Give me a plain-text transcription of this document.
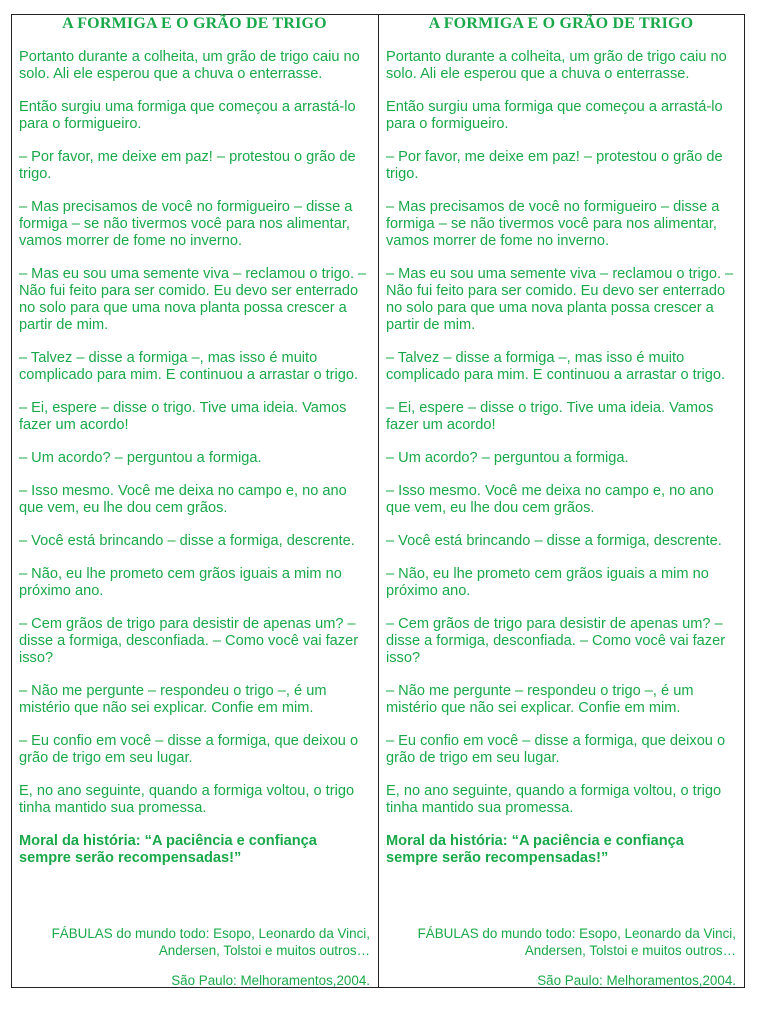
A FORMIGA E O GRÃO DE TRIGO

Portanto durante a colheita, um grão de trigo caiu no solo. Ali ele esperou que a chuva o enterrasse.

Então surgiu uma formiga que começou a arrastá-lo para o formigueiro.

– Por favor, me deixe em paz! – protestou o grão de trigo.

– Mas precisamos de você no formigueiro – disse a formiga – se não tivermos você para nos alimentar, vamos morrer de fome no inverno.

– Mas eu sou uma semente viva – reclamou o trigo. – Não fui feito para ser comido. Eu devo ser enterrado no solo para que uma nova planta possa crescer a partir de mim.

– Talvez – disse a formiga –, mas isso é muito complicado para mim. E continuou a arrastar o trigo.

– Ei, espere – disse o trigo. Tive uma ideia. Vamos fazer um acordo!

– Um acordo? – perguntou a formiga.

– Isso mesmo. Você me deixa no campo e, no ano que vem, eu lhe dou cem grãos.

– Você está brincando – disse a formiga, descrente.

– Não, eu lhe prometo cem grãos iguais a mim no próximo ano.

– Cem grãos de trigo para desistir de apenas um? – disse a formiga, desconfiada. – Como você vai fazer isso?

– Não me pergunte – respondeu o trigo –, é um mistério que não sei explicar. Confie em mim.

– Eu confio em você – disse a formiga, que deixou o grão de trigo em seu lugar.

E, no ano seguinte, quando a formiga voltou, o trigo tinha mantido sua promessa.

Moral da história: “A paciência e confiança sempre serão recompensadas!”

FÁBULAS do mundo todo: Esopo, Leonardo da Vinci, Andersen, Tolstoi e muitos outros…
São Paulo: Melhoramentos,2004.
A FORMIGA E O GRÃO DE TRIGO

Portanto durante a colheita, um grão de trigo caiu no solo. Ali ele esperou que a chuva o enterrasse.

Então surgiu uma formiga que começou a arrastá-lo para o formigueiro.

– Por favor, me deixe em paz! – protestou o grão de trigo.

– Mas precisamos de você no formigueiro – disse a formiga – se não tivermos você para nos alimentar, vamos morrer de fome no inverno.

– Mas eu sou uma semente viva – reclamou o trigo. – Não fui feito para ser comido. Eu devo ser enterrado no solo para que uma nova planta possa crescer a partir de mim.

– Talvez – disse a formiga –, mas isso é muito complicado para mim. E continuou a arrastar o trigo.

– Ei, espere – disse o trigo. Tive uma ideia. Vamos fazer um acordo!

– Um acordo? – perguntou a formiga.

– Isso mesmo. Você me deixa no campo e, no ano que vem, eu lhe dou cem grãos.

– Você está brincando – disse a formiga, descrente.

– Não, eu lhe prometo cem grãos iguais a mim no próximo ano.

– Cem grãos de trigo para desistir de apenas um? – disse a formiga, desconfiada. – Como você vai fazer isso?

– Não me pergunte – respondeu o trigo –, é um mistério que não sei explicar. Confie em mim.

– Eu confio em você – disse a formiga, que deixou o grão de trigo em seu lugar.

E, no ano seguinte, quando a formiga voltou, o trigo tinha mantido sua promessa.

Moral da história: “A paciência e confiança sempre serão recompensadas!”

FÁBULAS do mundo todo: Esopo, Leonardo da Vinci, Andersen, Tolstoi e muitos outros…
São Paulo: Melhoramentos,2004.
